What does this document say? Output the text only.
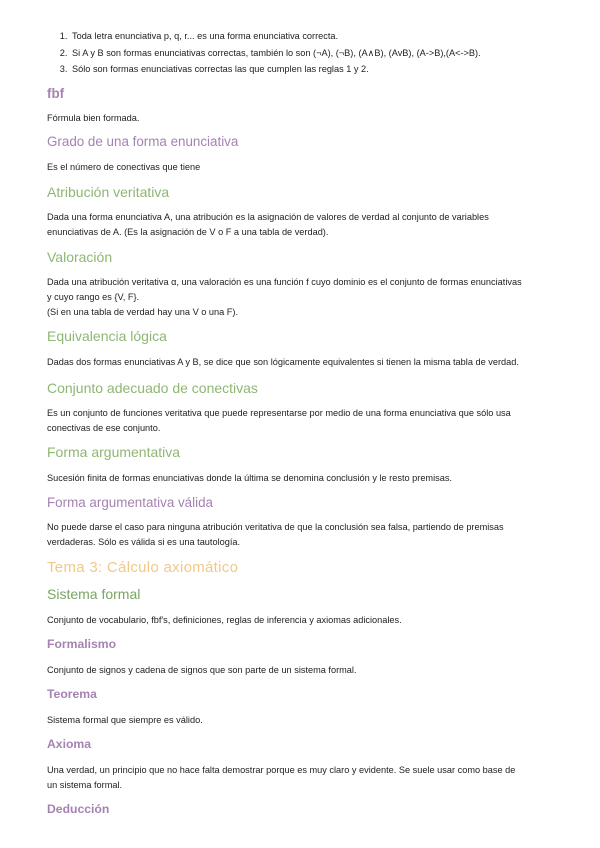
1. Toda letra enunciativa p, q, r... es una forma enunciativa correcta.
2. Si A y B son formas enunciativas correctas, también lo son (¬A), (¬B), (A∧B), (AvB), (A->B),(A<->B).
3. Sólo son formas enunciativas correctas las que cumplen las reglas 1 y 2.
fbf

Fórmula bien formada.

Grado de una forma enunciativa

Es el número de conectivas que tiene

Atribución veritativa

Dada una forma enunciativa A, una atribución es la asignación de valores de verdad al conjunto de variables
enunciativas de A. (Es la asignación de V o F a una tabla de verdad).

Valoración

Dada una atribución veritativa α, una valoración es una función f cuyo dominio es el conjunto de formas enunciativas
y cuyo rango es {V, F}.
(Si en una tabla de verdad hay una V o una F).

Equivalencia lógica

Dadas dos formas enunciativas A y B, se dice que son lógicamente equivalentes si tienen la misma tabla de verdad.

Conjunto adecuado de conectivas

Es un conjunto de funciones veritativa que puede representarse por medio de una forma enunciativa que sólo usa
conectivas de ese conjunto.

Forma argumentativa

Sucesión finita de formas enunciativas donde la última se denomina conclusión y le resto premisas.

Forma argumentativa válida

No puede darse el caso para ninguna atribución veritativa de que la conclusión sea falsa, partiendo de premisas
verdaderas. Sólo es válida si es una tautología.

Tema 3: Cálculo axiomático
Sistema formal

Conjunto de vocabulario, fbf's, definiciones, reglas de inferencia y axiomas adicionales.

Formalismo

Conjunto de signos y cadena de signos que son parte de un sistema formal.

Teorema

Sistema formal que siempre es válido.

Axioma

Una verdad, un principio que no hace falta demostrar porque es muy claro y evidente. Se suele usar como base de
un sistema formal.

Deducción
